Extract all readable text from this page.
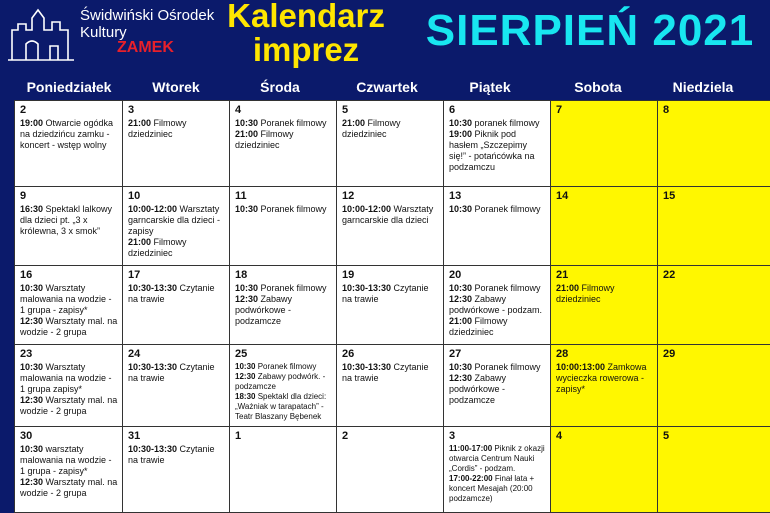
Świdwiński Ośrodek
Kultury
ZAMEK
Kalendarz
imprez	SIERPIEŃ 2021
Poniedziałek	Wtorek	Środa	Czwartek	Piątek	Sobota	Niedziela
2
19:00 Otwarcie ogódka na dziedzińcu zamku - koncert - wstęp wolny	3
21:00 Filmowy dziedziniec	4
10:30 Poranek filmowy
21:00 Filmowy dziedziniec	5
21:00 Filmowy dziedziniec	6
10:30 poranek filmowy
19:00 Piknik pod hasłem „Szczepimy się!” - potańcówka na podzamczu	7	8

9
16:30 Spektakl lalkowy dla dzieci pt. „3 x królewna, 3 x smok”	10
10:00-12:00 Warsztaty garncarskie dla dzieci - zapisy
21:00 Filmowy dziedziniec	11
10:30 Poranek filmowy	12
10:00-12:00 Warsztaty garncarskie dla dzieci	13
10:30 Poranek filmowy	14	15

16
10:30 Warsztaty malowania na wodzie - 1 grupa - zapisy*
12:30 Warsztaty mal. na wodzie - 2 grupa	17
10:30-13:30 Czytanie na trawie	18
10:30 Poranek filmowy
12:30 Zabawy podwórkowe - podzamcze	19
10:30-13:30 Czytanie na trawie	20
10:30 Poranek filmowy
12:30 Zabawy podwórkowe - podzam.
21:00 Filmowy dziedziniec	21
21:00 Filmowy dziedziniec	22

23
10:30 Warsztaty malowania na wodzie - 1 grupa zapisy*
12:30 Warsztaty mal. na wodzie - 2 grupa	24
10:30-13:30 Czytanie na trawie	25
10:30 Poranek filmowy
12:30 Zabawy podwórk. - podzamcze
18:30 Spektakl dla dzieci: „Ważniak w tarapatach” - Teatr Blaszany Bębenek	26
10:30-13:30 Czytanie na trawie	27
10:30 Poranek filmowy
12:30 Zabawy podwórkowe - podzamcze	28
10:00:13:00 Zamkowa wycieczka rowerowa - zapisy*	29

30
10:30 warsztaty malowania na wodzie - 1 grupa - zapisy*
12:30 Warsztaty mal. na wodzie - 2 grupa	31
10:30-13:30 Czytanie na trawie	1	2	3
11:00-17:00 Piknik z okazji otwarcia Centrum Nauki „Cordis” - podzam.
17:00-22:00 Finał lata + koncert Mesajah (20:00 podzamcze)	4	5
